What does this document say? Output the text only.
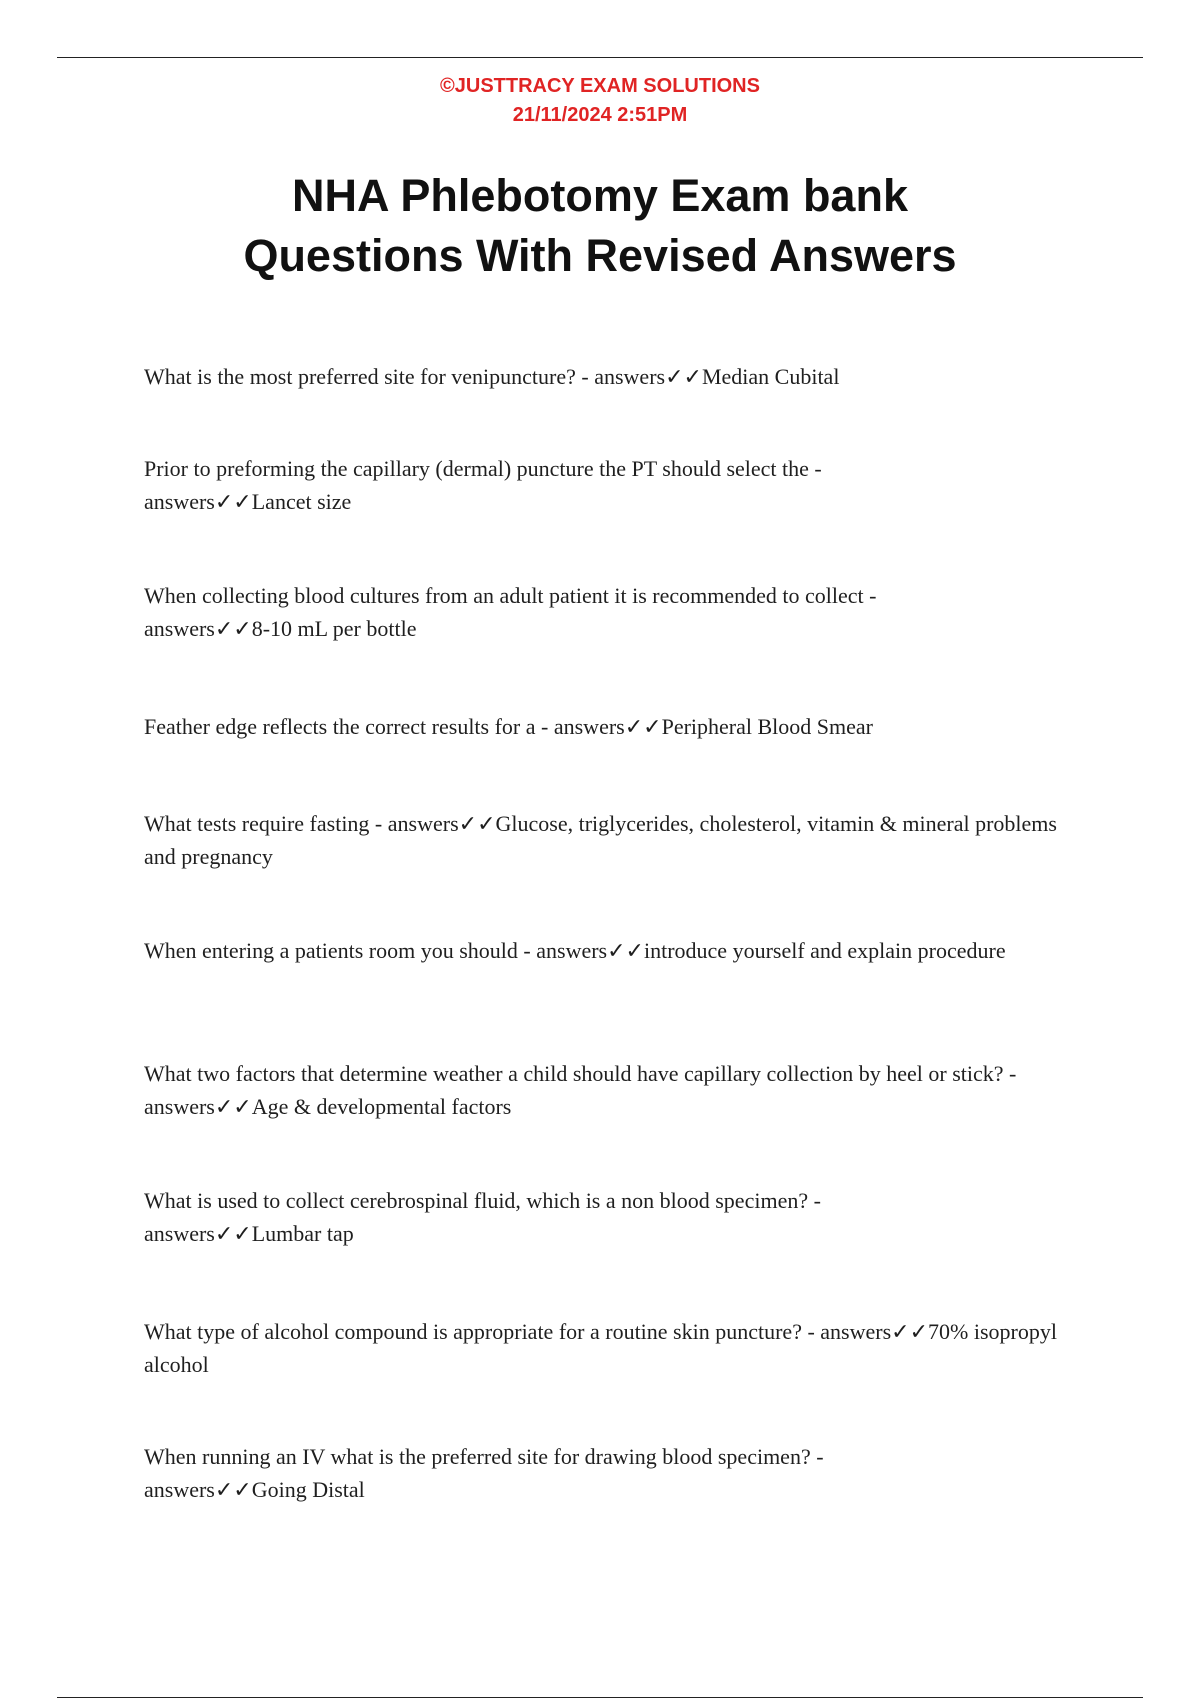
©JUSTTRACY EXAM SOLUTIONS
21/11/2024 2:51PM
NHA Phlebotomy Exam bank
Questions With Revised Answers

What is the most preferred site for venipuncture? - answers✓✓Median Cubital

Prior to preforming the capillary (dermal) puncture the PT should select the - answers✓✓Lancet size

When collecting blood cultures from an adult patient it is recommended to collect - answers✓✓8-10 mL per bottle

Feather edge reflects the correct results for a - answers✓✓Peripheral Blood Smear

What tests require fasting - answers✓✓Glucose, triglycerides, cholesterol, vitamin & mineral problems and pregnancy

When entering a patients room you should - answers✓✓introduce yourself and explain procedure

What two factors that determine weather a child should have capillary collection by heel or stick? - answers✓✓Age & developmental factors

What is used to collect cerebrospinal fluid, which is a non blood specimen? - answers✓✓Lumbar tap

What type of alcohol compound is appropriate for a routine skin puncture? - answers✓✓70% isopropyl alcohol

When running an IV what is the preferred site for drawing blood specimen? - answers✓✓Going Distal
